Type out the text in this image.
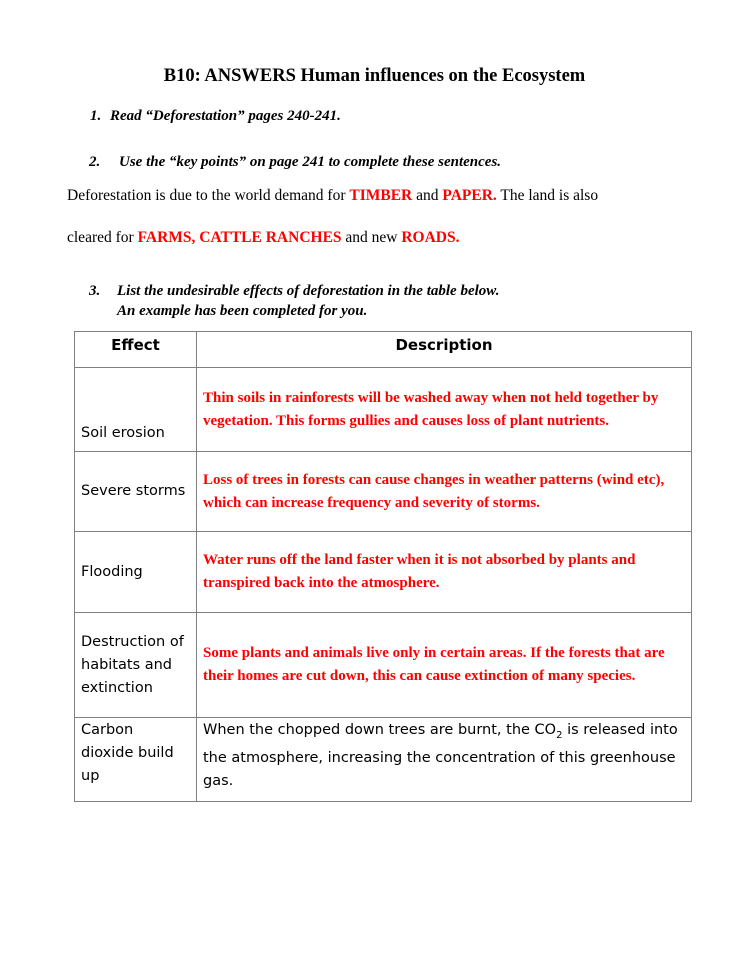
B10: ANSWERS Human influences on the Ecosystem
1. Read “Deforestation” pages 240-241.
2. Use the “key points” on page 241 to complete these sentences.
Deforestation is due to the world demand for TIMBER and PAPER. The land is also
cleared for FARMS, CATTLE RANCHES and new ROADS.
3. List the undesirable effects of deforestation in the table below.
An example has been completed for you.
Effect	Description
Soil erosion	Thin soils in rainforests will be washed away when not held together by vegetation. This forms gullies and causes loss of plant nutrients.
Severe storms	Loss of trees in forests can cause changes in weather patterns (wind etc), which can increase frequency and severity of storms.
Flooding	Water runs off the land faster when it is not absorbed by plants and transpired back into the atmosphere.
Destruction of habitats and extinction	Some plants and animals live only in certain areas. If the forests that are their homes are cut down, this can cause extinction of many species.
Carbon dioxide build up	When the chopped down trees are burnt, the $CO_2$ is released into the atmosphere, increasing the concentration of this greenhouse gas.
